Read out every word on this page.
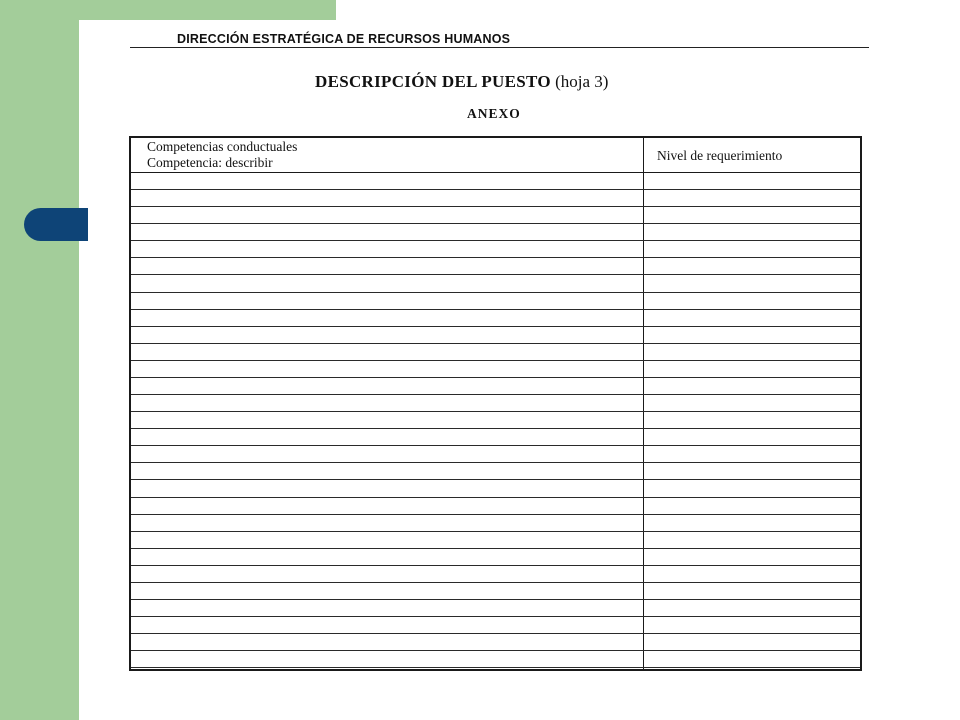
DIRECCIÓN ESTRATÉGICA DE RECURSOS HUMANOS
DESCRIPCIÓN DEL PUESTO (hoja 3)
ANEXO
Competencias conductuales
Competencia: describir	Nivel de requerimiento
